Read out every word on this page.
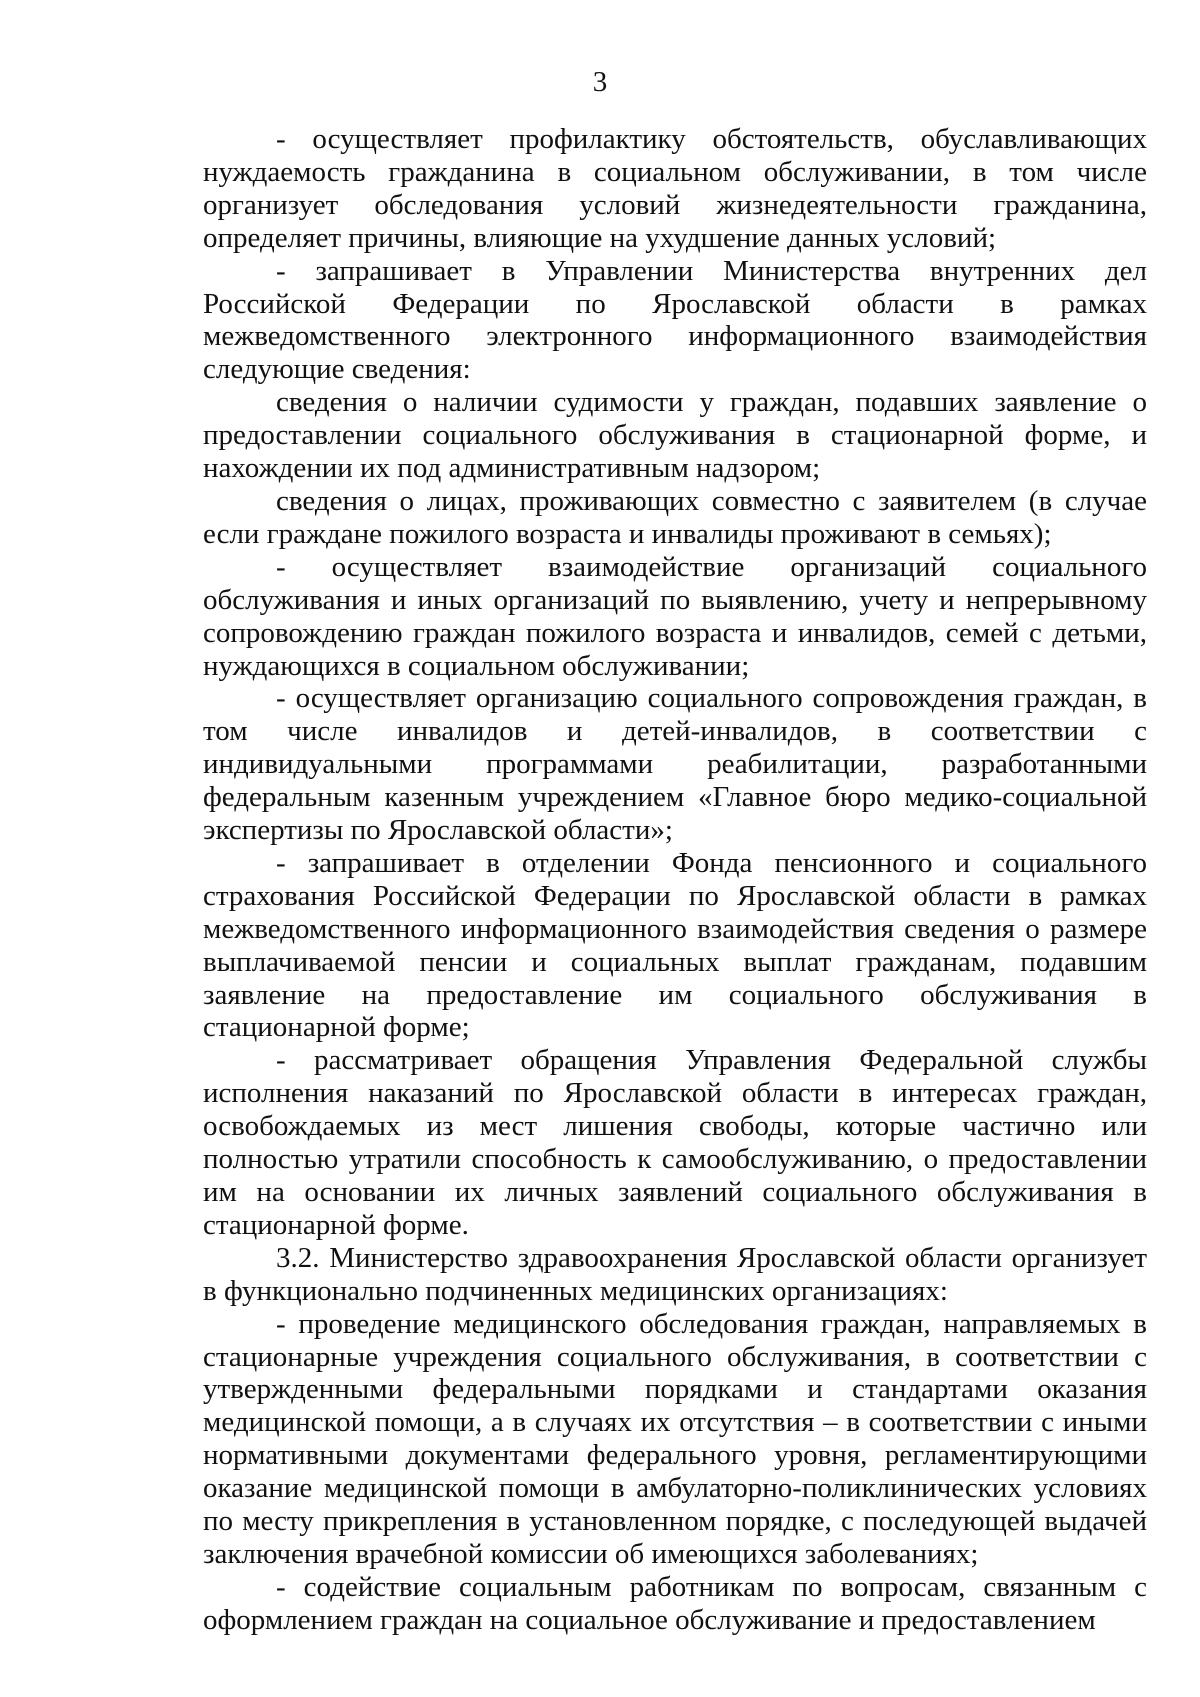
3

- осуществляет профилактику обстоятельств, обуславливающих нуждаемость гражданина в социальном обслуживании, в том числе организует обследования условий жизнедеятельности гражданина, определяет причины, влияющие на ухудшение данных условий;

- запрашивает в Управлении Министерства внутренних дел Российской Федерации по Ярославской области в рамках межведомственного электронного информационного взаимодействия следующие сведения:

сведения о наличии судимости у граждан, подавших заявление о предоставлении социального обслуживания в стационарной форме, и нахождении их под административным надзором;

сведения о лицах, проживающих совместно с заявителем (в случае если граждане пожилого возраста и инвалиды проживают в семьях);

- осуществляет взаимодействие организаций социального обслуживания и иных организаций по выявлению, учету и непрерывному сопровождению граждан пожилого возраста и инвалидов, семей с детьми, нуждающихся в социальном обслуживании;

- осуществляет организацию социального сопровождения граждан, в том числе инвалидов и детей-инвалидов, в соответствии с индивидуальными программами реабилитации, разработанными федеральным казенным учреждением «Главное бюро медико-социальной экспертизы по Ярославской области»;

- запрашивает в отделении Фонда пенсионного и социального страхования Российской Федерации по Ярославской области в рамках межведомственного информационного взаимодействия сведения о размере выплачиваемой пенсии и социальных выплат гражданам, подавшим заявление на предоставление им социального обслуживания в стационарной форме;

- рассматривает обращения Управления Федеральной службы исполнения наказаний по Ярославской области в интересах граждан, освобождаемых из мест лишения свободы, которые частично или полностью утратили способность к самообслуживанию, о предоставлении им на основании их личных заявлений социального обслуживания в стационарной форме.

3.2. Министерство здравоохранения Ярославской области организует в функционально подчиненных медицинских организациях:

- проведение медицинского обследования граждан, направляемых в стационарные учреждения социального обслуживания, в соответствии с утвержденными федеральными порядками и стандартами оказания медицинской помощи, а в случаях их отсутствия – в соответствии с иными нормативными документами федерального уровня, регламентирующими оказание медицинской помощи в амбулаторно-поликлинических условиях по месту прикрепления в установленном порядке, с последующей выдачей заключения врачебной комиссии об имеющихся заболеваниях;

- содействие социальным работникам по вопросам, связанным с оформлением граждан на социальное обслуживание и предоставлением
